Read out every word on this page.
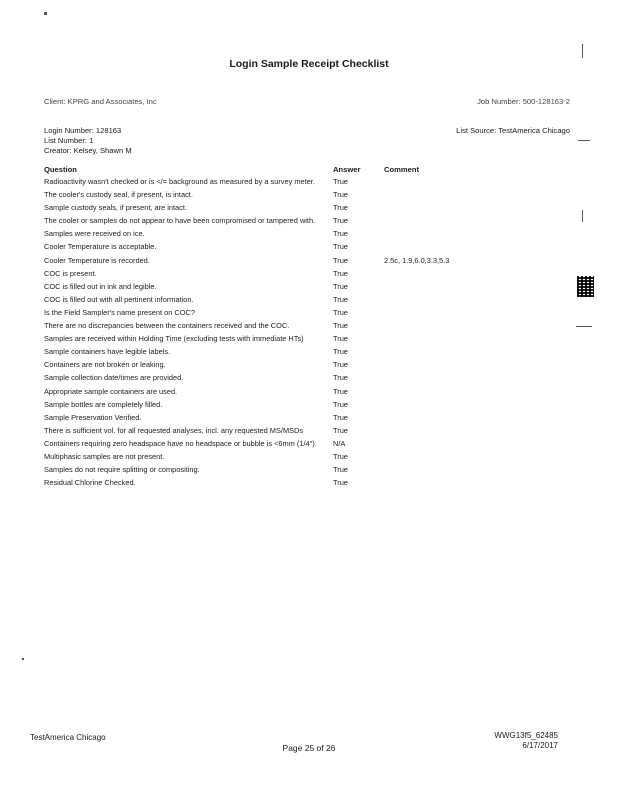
Login Sample Receipt Checklist
Client: KPRG and Associates, Inc	Job Number: 500-128163-2
Login Number: 128163
List Number: 1
Creator: Kelsey, Shawn M
List Source: TestAmerica Chicago
Question	Answer	Comment
Radioactivity wasn't checked or is </= background as measured by a survey meter.	True
The cooler's custody seal, if present, is intact.	True
Sample custody seals, if present, are intact.	True
The cooler or samples do not appear to have been compromised or tampered with.	True
Samples were received on ice.	True
Cooler Temperature is acceptable.	True
Cooler Temperature is recorded.	True	2.5c, 1.9,6.0,3.3,5.3
COC is present.	True
COC is filled out in ink and legible.	True
COC is filled out with all pertinent information.	True
Is the Field Sampler's name present on COC?	True
There are no discrepancies between the containers received and the COC.	True
Samples are received within Holding Time (excluding tests with immediate HTs)	True
Sample containers have legible labels.	True
Containers are not broken or leaking.	True
Sample collection date/times are provided.	True
Appropriate sample containers are used.	True
Sample bottles are completely filled.	True
Sample Preservation Verified.	True
There is sufficient vol. for all requested analyses, incl. any requested MS/MSDs	True
Containers requiring zero headspace have no headspace or bubble is <6mm (1/4").	N/A
Multiphasic samples are not present.	True
Samples do not require splitting or compositing.	True
Residual Chlorine Checked.	True
TestAmerica Chicago
Page 25 of 26
WWG13f5_62485
6/17/2017
